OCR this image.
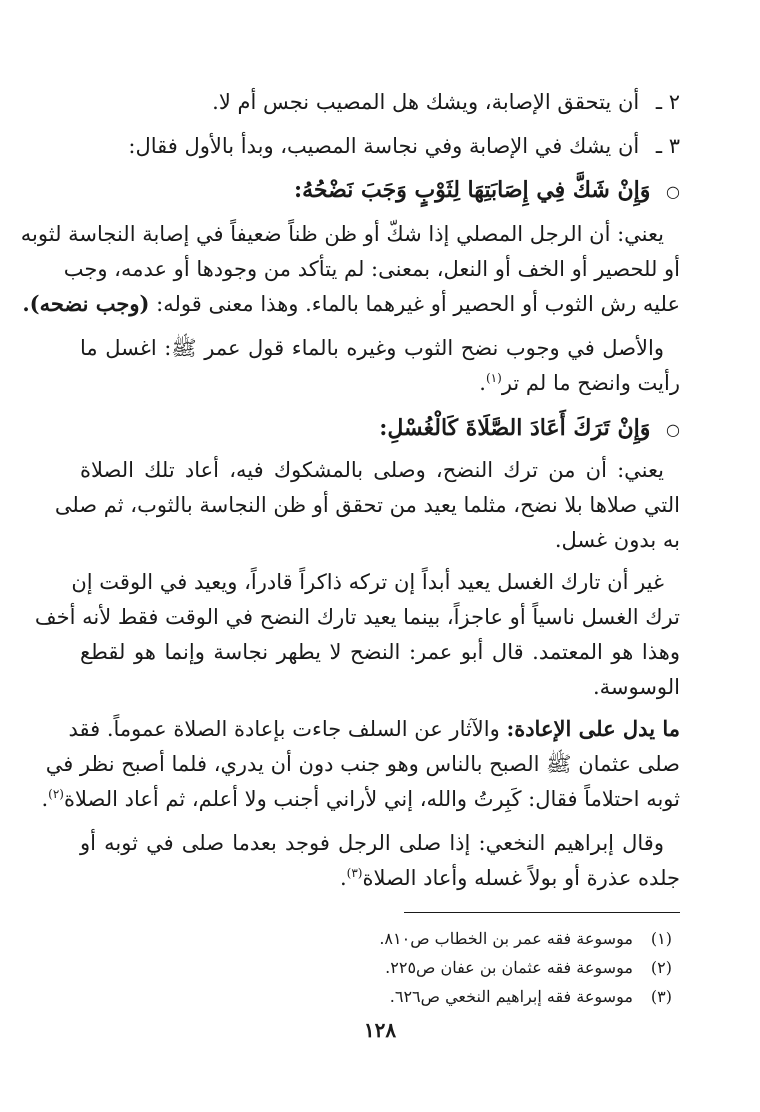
٢ ـ أن يتحقق الإصابة، ويشك هل المصيب نجس أم لا.
٣ ـ أن يشك في الإصابة وفي نجاسة المصيب، وبدأ بالأول فقال:
○ وَإِنْ شَكَّ فِي إِصَابَتِهَا لِثَوْبٍ وَجَبَ نَضْحُهُ:
يعني: أن الرجل المصلي إذا شكّ أو ظن ظناً ضعيفاً في إصابة النجاسة لثوبه
أو للحصير أو الخف أو النعل، بمعنى: لم يتأكد من وجودها أو عدمه، وجب
عليه رش الثوب أو الحصير أو غيرهما بالماء. وهذا معنى قوله: (وجب نضحه).
والأصل في وجوب نضح الثوب وغيره بالماء قول عمر ﷺ: اغسل ما
رأيت وانضح ما لم تر$^{(١)}$.
○ وَإِنْ تَرَكَ أَعَادَ الصَّلَاةَ كَالْغُسْلِ:
يعني: أن من ترك النضح، وصلى بالمشكوك فيه، أعاد تلك الصلاة
التي صلاها بلا نضح، مثلما يعيد من تحقق أو ظن النجاسة بالثوب، ثم صلى
به بدون غسل.
غير أن تارك الغسل يعيد أبداً إن تركه ذاكراً قادراً، ويعيد في الوقت إن
ترك الغسل ناسياً أو عاجزاً، بينما يعيد تارك النضح في الوقت فقط لأنه أخف
وهذا هو المعتمد. قال أبو عمر: النضح لا يطهر نجاسة وإنما هو لقطع
الوسوسة.
ما يدل على الإعادة: والآثار عن السلف جاءت بإعادة الصلاة عموماً. فقد
صلى عثمان ﷺ الصبح بالناس وهو جنب دون أن يدري، فلما أصبح نظر في
ثوبه احتلاماً فقال: كَبِرتُ والله، إني لأراني أجنب ولا أعلم، ثم أعاد الصلاة$^{(٢)}$.
وقال إبراهيم النخعي: إذا صلى الرجل فوجد بعدما صلى في ثوبه أو
جلده عذرة أو بولاً غسله وأعاد الصلاة$^{(٣)}$.
(١)موسوعة فقه عمر بن الخطاب ص٨١٠.
(٢)موسوعة فقه عثمان بن عفان ص٢٢٥.
(٣)موسوعة فقه إبراهيم النخعي ص٦٢٦.
١٢٨
